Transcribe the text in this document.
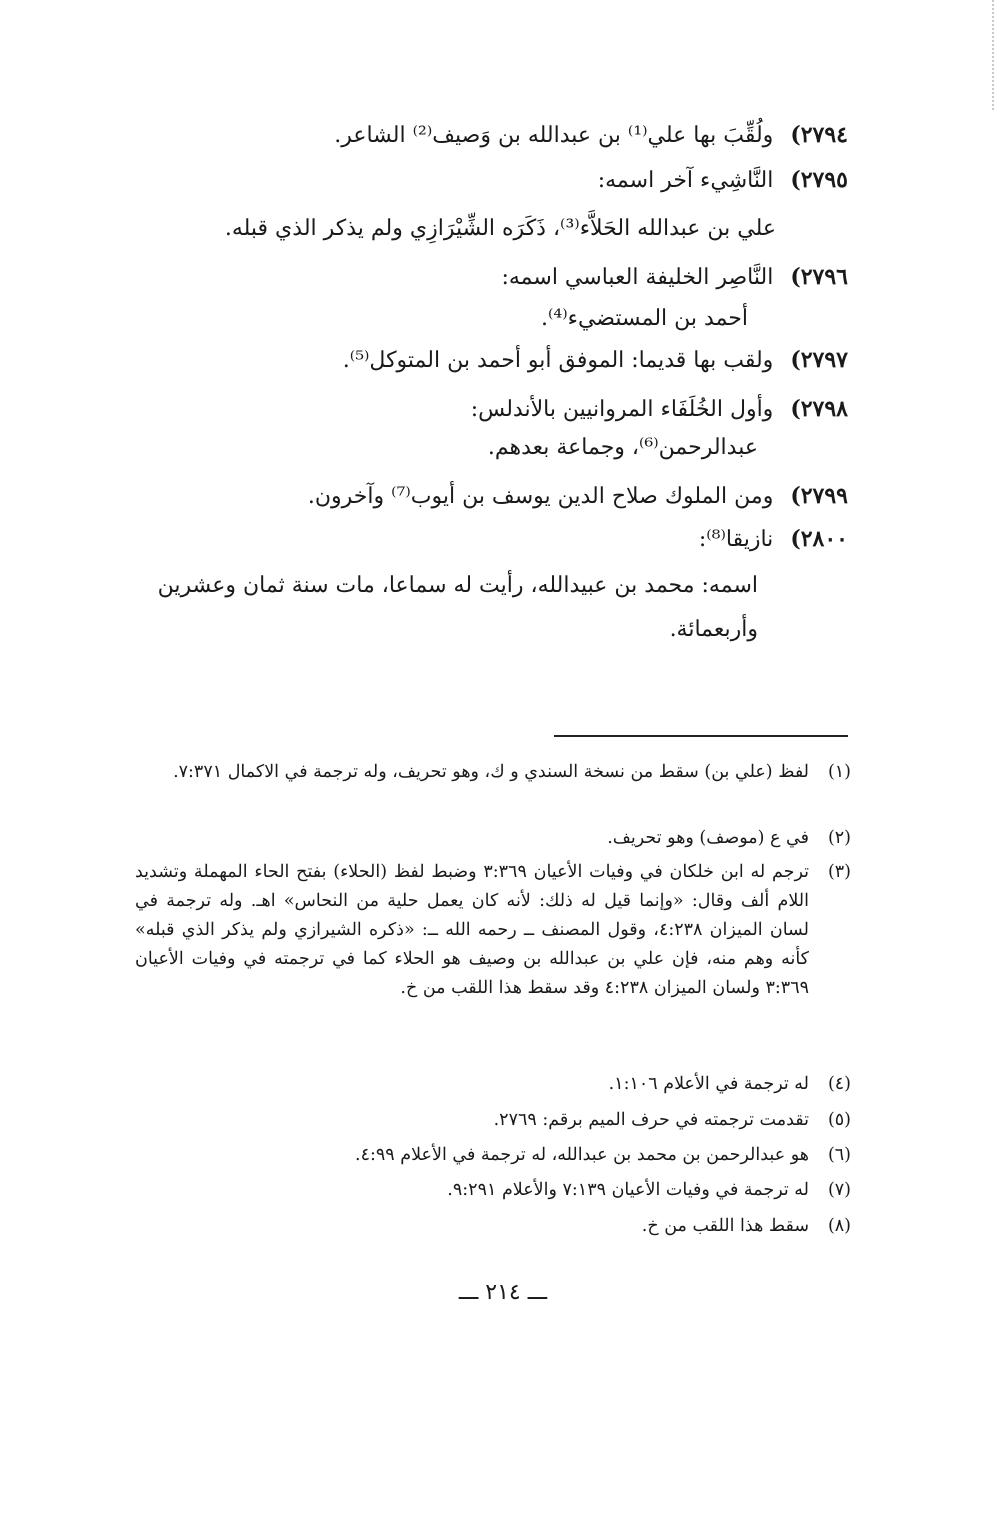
٢٧٩٤) ولُقِّبَ بها علي⁽¹⁾ بن عبدالله بن وَصيف⁽²⁾ الشاعر.
٢٧٩٥) النَّاشِيء آخر اسمه:
علي بن عبدالله الحَلاَّء⁽³⁾، ذَكَرَه الشِّيْرَازِي ولم يذكر الذي قبله.
٢٧٩٦) النَّاصِر الخليفة العباسي اسمه:
أحمد بن المستضيء⁽⁴⁾.
٢٧٩٧) ولقب بها قديما: الموفق أبو أحمد بن المتوكل⁽⁵⁾.
٢٧٩٨) وأول الخُلَفَاء المروانيين بالأندلس:
عبدالرحمن⁽⁶⁾، وجماعة بعدهم.
٢٧٩٩) ومن الملوك صلاح الدين يوسف بن أيوب⁽⁷⁾ وآخرون.
٢٨٠٠) نازيقا⁽⁸⁾:
اسمه: محمد بن عبيدالله، رأيت له سماعا، مات سنة ثمان وعشرين
وأربعمائة.
(١)
لفظ (علي بن) سقط من نسخة السندي و ك، وهو تحريف، وله ترجمة في الاكمال ٧:٣٧١.
(٢)
في ع (موصف) وهو تحريف.
(٣)
ترجم له ابن خلكان في وفيات الأعيان ٣:٣٦٩ وضبط لفظ (الحلاء) بفتح الحاء المهملة وتشديد اللام ألف وقال: «وإنما قيل له ذلك: لأنه كان يعمل حلية من النحاس» اهـ. وله ترجمة في لسان الميزان ٤:٢٣٨، وقول المصنف ــ رحمه الله ــ: «ذكره الشيرازي ولم يذكر الذي قبله» كأنه وهم منه، فإن علي بن عبدالله بن وصيف هو الحلاء كما في ترجمته في وفيات الأعيان ٣:٣٦٩ ولسان الميزان ٤:٢٣٨ وقد سقط هذا اللقب من خ.
(٤)
له ترجمة في الأعلام ١:١٠٦.
(٥)
تقدمت ترجمته في حرف الميم برقم: ٢٧٦٩.
(٦)
هو عبدالرحمن بن محمد بن عبدالله، له ترجمة في الأعلام ٤:٩٩.
(٧)
له ترجمة في وفيات الأعيان ٧:١٣٩ والأعلام ٩:٢٩١.
(٨)
سقط هذا اللقب من خ.
ـــ ٢١٤ ـــ
